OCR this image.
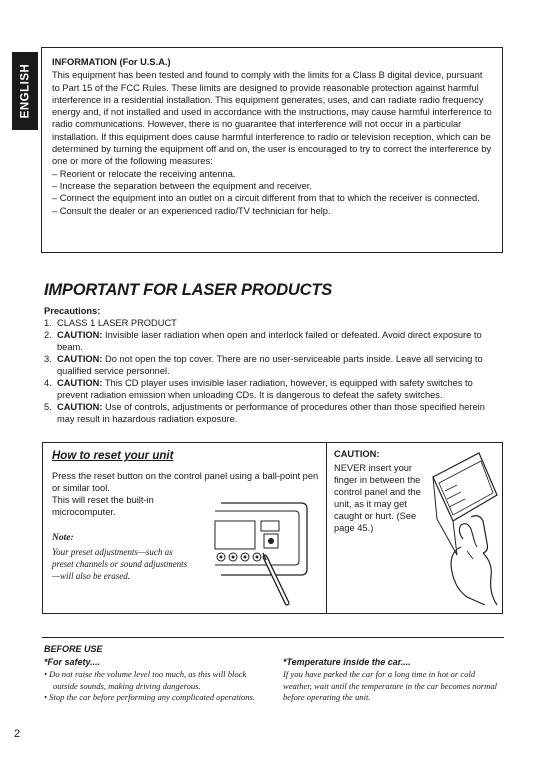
ENGLISH
INFORMATION (For U.S.A.)
This equipment has been tested and found to comply with the limits for a Class B digital device, pursuant to Part 15 of the FCC Rules. These limits are designed to provide reasonable protection against harmful interference in a residential installation. This equipment generates, uses, and can radiate radio frequency energy and, if not installed and used in accordance with the instructions, may cause harmful interference to radio communications. However, there is no guarantee that interference will not occur in a particular installation. If this equipment does cause harmful interference to radio or television reception, which can be determined by turning the equipment off and on, the user is encouraged to try to correct the interference by one or more of the following measures:
– Reorient or relocate the receiving antenna.
– Increase the separation between the equipment and receiver.
– Connect the equipment into an outlet on a circuit different from that to which the receiver is connected.
– Consult the dealer or an experienced radio/TV technician for help.
IMPORTANT FOR LASER PRODUCTS
Precautions:
1. CLASS 1 LASER PRODUCT
2. CAUTION: Invisible laser radiation when open and interlock failed or defeated. Avoid direct exposure to beam.
3. CAUTION: Do not open the top cover. There are no user-serviceable parts inside. Leave all servicing to qualified service personnel.
4. CAUTION: This CD player uses invisible laser radiation, however, is equipped with safety switches to prevent radiation emission when unloading CDs. It is dangerous to defeat the safety switches.
5. CAUTION: Use of controls, adjustments or performance of procedures other than those specified herein may result in hazardous radiation exposure.
How to reset your unit
Press the reset button on the control panel using a ball-point pen or similar tool.
This will reset the built-in microcomputer.
Note:
Your preset adjustments—such as preset channels or sound adjustments—will also be erased.
CAUTION:
NEVER insert your finger in between the control panel and the unit, as it may get caught or hurt. (See page 45.)
BEFORE USE
*For safety....
• Do not raise the volume level too much, as this will block outside sounds, making driving dangerous.
• Stop the car before performing any complicated operations.
*Temperature inside the car....
If you have parked the car for a long time in hot or cold weather, wait until the temperature in the car becomes normal before operating the unit.
2
